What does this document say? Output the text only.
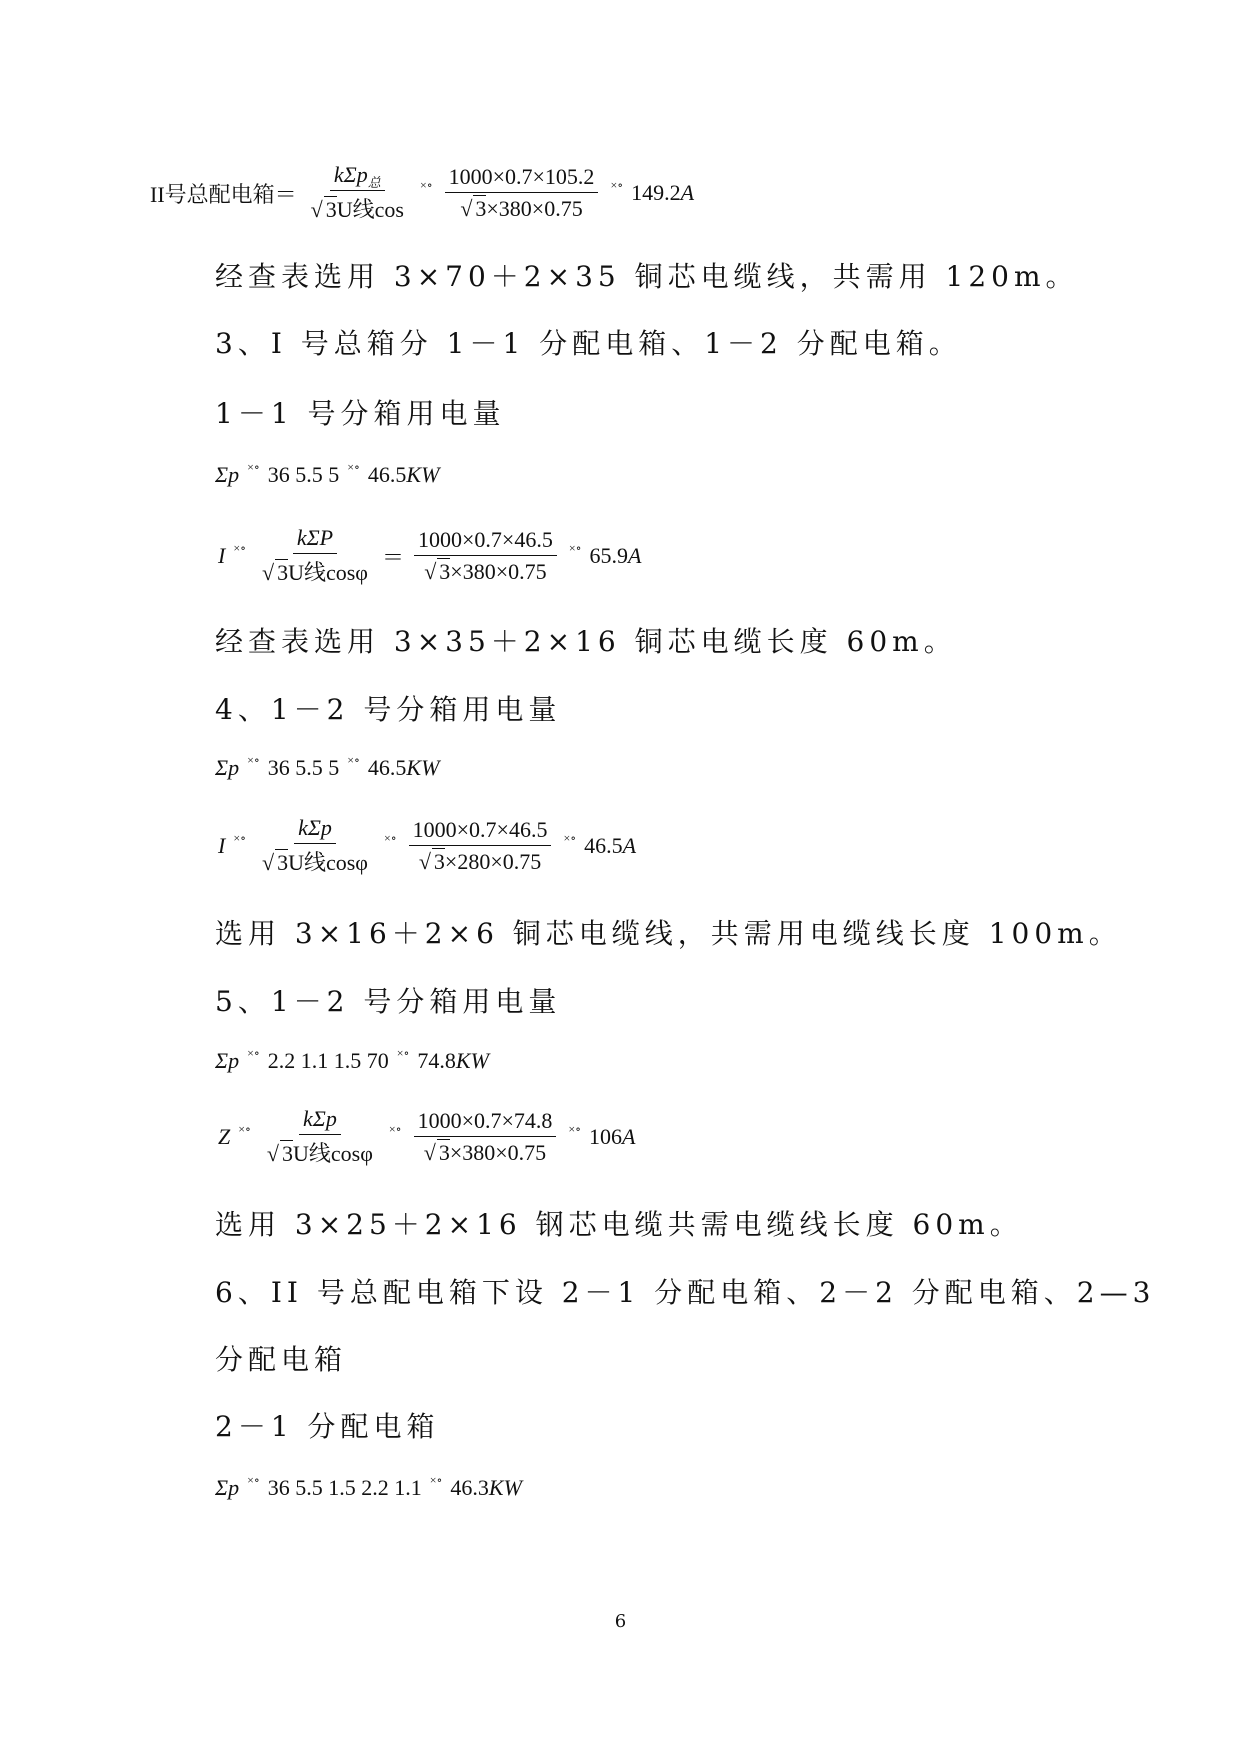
II号总配电箱＝ $\frac{k\Sigma p_总}{\text{√ 3U线cos}}$ ×∘ $\frac{1000\times 0.7\times 105.2}{√ 3\times 380\times 0.75}$ ×∘ 149.2A
经查表选用 3×70＋2×35 铜芯电缆线，共需用 120m。
3、I 号总箱分 1－1 分配电箱、1－2 分配电箱。
1－1 号分箱用电量
Σp ×∘ 36 5.5 5 ×∘ 46.5KW
I ×∘ $\frac{\text{kΣP}}{\text{√ 3U线cosφ}} = \frac{1000\times 0.7\times 46.5}{√ 3\times 380\times 0.75}$ ×∘ 65.9A
经查表选用 3×35＋2×16 铜芯电缆长度 60m。
4、1－2 号分箱用电量
Σp ×∘ 36 5.5 5 ×∘ 46.5KW
I ×∘ $\frac{\text{kΣp}}{\text{√ 3U线cosφ}}$ ×∘ $\frac{1000\times 0.7\times 46.5}{√ 3\times 280\times 0.75}$ ×∘ 46.5A
选用 3×16＋2×6 铜芯电缆线，共需用电缆线长度 100m。
5、1－2 号分箱用电量
Σp ×∘ 2.2 1.1 1.5 70 ×∘ 74.8KW
Z ×∘ $\frac{\text{kΣp}}{\text{√ 3U线cosφ}}$ ×∘ $\frac{1000\times 0.7\times 74.8}{√ 3\times 380\times 0.75}$ ×∘ 106A
选用 3×25＋2×16 钢芯电缆共需电缆线长度 60m。
6、II 号总配电箱下设 2－1 分配电箱、2－2 分配电箱、2—3
分配电箱
2－1 分配电箱
Σp ×∘ 36 5.5 1.5 2.2 1.1 ×∘ 46.3KW
6
